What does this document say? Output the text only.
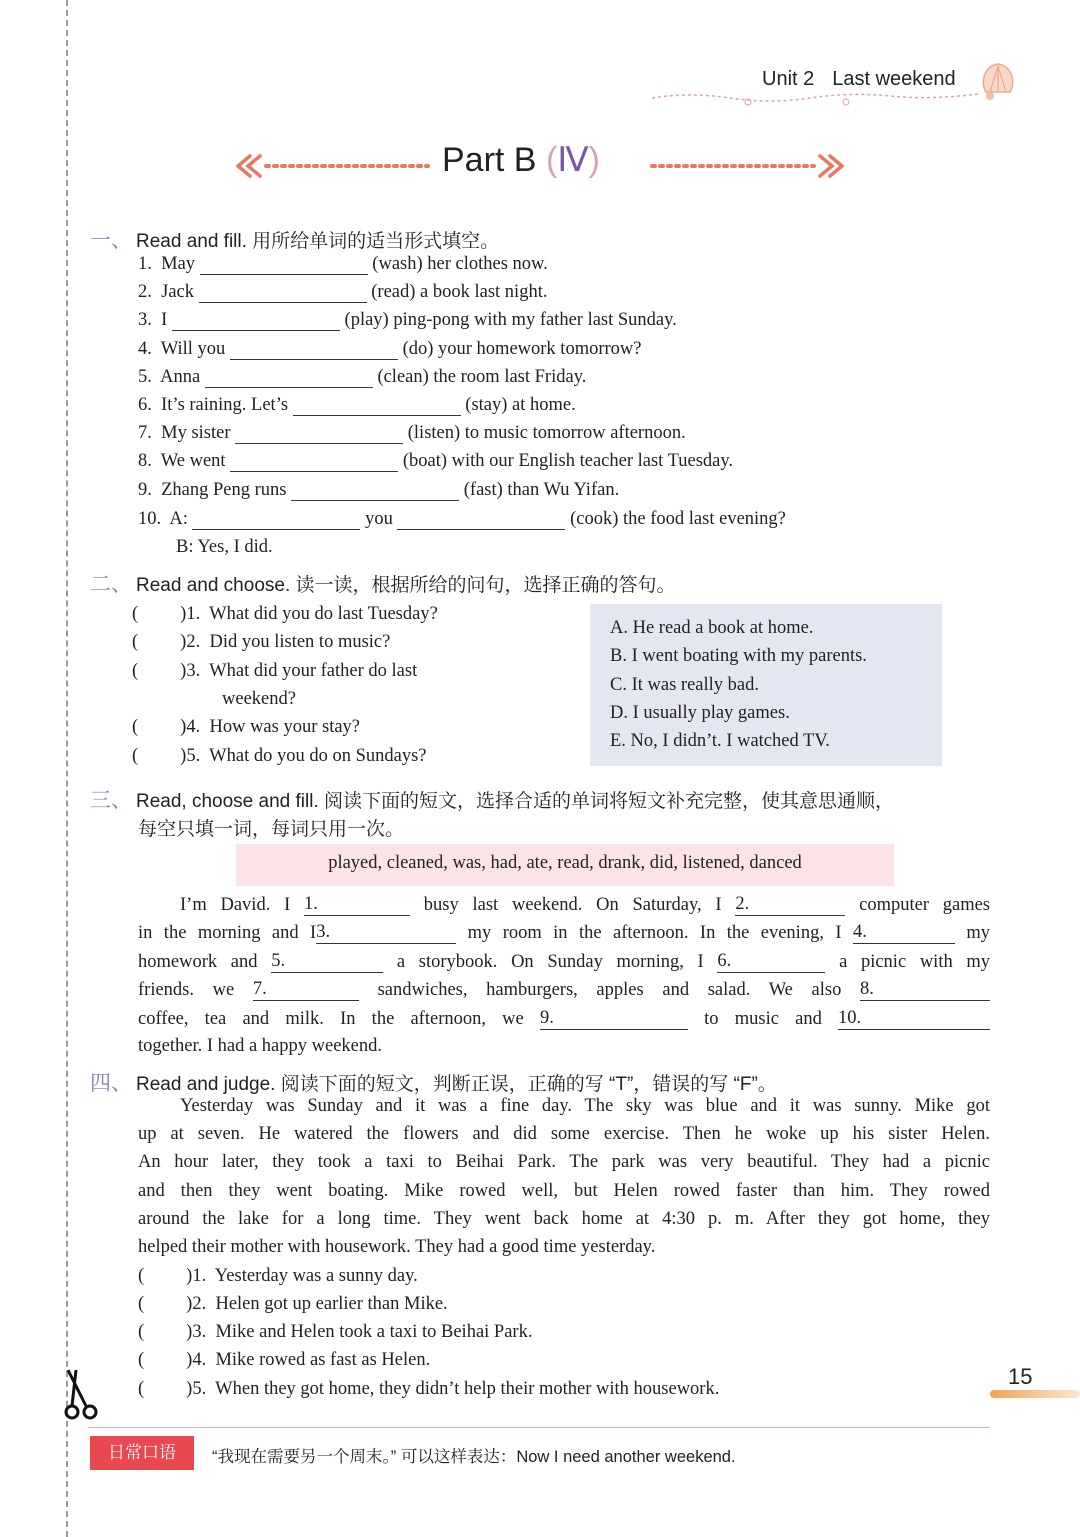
Unit 2 Last weekend
Part B (Ⅳ)
一、 Read and fill. 用所给单词的适当形式填空。
1. May	(wash) her clothes now.
2. Jack	(read) a book last night.
3. I	(play) ping-pong with my father last Sunday.
4. Will you	(do) your homework tomorrow?
5. Anna	(clean) the room last Friday.
6. It’s raining. Let’s	(stay) at home.
7. My sister	(listen) to music tomorrow afternoon.
8. We went	(boat) with our English teacher last Tuesday.
9. Zhang Peng runs	(fast) than Wu Yifan.
10. A:	you	(cook) the food last evening?
B: Yes, I did.
二、 Read and choose. 读一读，根据所给的问句，选择正确的答句。
( )1. What did you do last Tuesday?
( )2. Did you listen to music?
( )3. What did your father do last
weekend?
( )4. How was your stay?
( )5. What do you do on Sundays?
A. He read a book at home.
B. I went boating with my parents.
C. It was really bad.
D. I usually play games.
E. No, I didn’t. I watched TV.
三、 Read, choose and fill. 阅读下面的短文，选择合适的单词将短文补充完整，使其意思通顺，
每空只填一词，每词只用一次。
played, cleaned, was, had, ate, read, drank, did, listened, danced
I’m David. I 1.	busy last weekend. On Saturday, I 2.	computer games
in the morning and I3.	my room in the afternoon. In the evening, I 4.	my
homework and 5.	a storybook. On Sunday morning, I 6.	a picnic with my
friends. we 7.	sandwiches, hamburgers, apples and salad. We also 8.
coffee, tea and milk. In the afternoon, we 9.	to music and 10.
together. I had a happy weekend.
四、 Read and judge. 阅读下面的短文，判断正误，正确的写 “T”，错误的写 “F”。
Yesterday was Sunday and it was a fine day. The sky was blue and it was sunny. Mike got
up at seven. He watered the flowers and did some exercise. Then he woke up his sister Helen.
An hour later, they took a taxi to Beihai Park. The park was very beautiful. They had a picnic
and then they went boating. Mike rowed well, but Helen rowed faster than him. They rowed
around the lake for a long time. They went back home at 4:30 p. m. After they got home, they
helped their mother with housework. They had a good time yesterday.
( )1. Yesterday was a sunny day.
( )2. Helen got up earlier than Mike.
( )3. Mike and Helen took a taxi to Beihai Park.
( )4. Mike rowed as fast as Helen.
( )5. When they got home, they didn’t help their mother with housework.	15
日常口语	“我现在需要另一个周末。” 可以这样表达：Now I need another weekend.
